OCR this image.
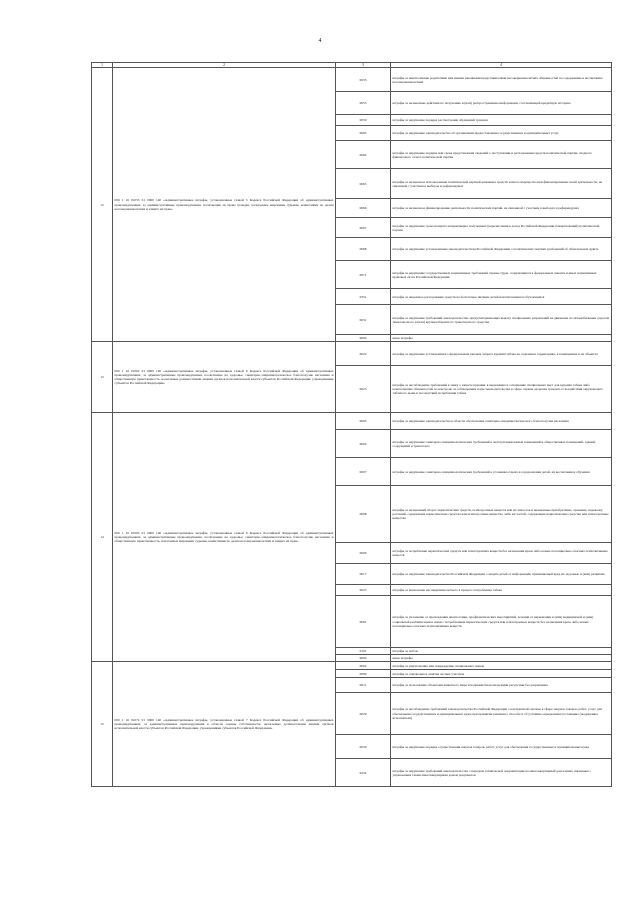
4
1	2	3	4
12	000 1 16 01053 01 0000 140 «Административные штрафы, установленные главой 5 Кодекса Российской Федерации об административных правонарушениях, за административные правонарушения, посягающие на права граждан, налагаемые мировыми судьями, комиссиями по делам несовершеннолетних и защите их прав»	0035	штрафы за неисполнение родителями или иными законными представителями несовершеннолетних обязанностей по содержанию и воспитанию несовершеннолетних
		0053	штрафы за незаконные действия по получению и (или) распространению информации, составляющей кредитную историю
		0059	штрафы за нарушение порядка рассмотрения обращений граждан
		0063	штрафы за нарушение законодательства об организации предоставления государственных и муниципальных услуг
		0064	штрафы за нарушение порядка или срока представления сведений о поступлении и расходовании средств политической партии, сводного финансового отчета политической партии
		0065	штрафы за незаконное использование политической партией денежных средств и иного имущества при финансировании своей деятельности, не связанной с участием в выборах и референдумах
		0066	штрафы за незаконное финансирование деятельности политических партий, не связанной с участием в выборах и референдумах
		0067	штрафы за нарушение срока возврата неправомерно полученных (перечисления в доход Российской Федерации пожертвований) политической партии
		0068	штрафы за нарушение установленных законодательством Российской Федерации о политических партиях требований об обязательном аудите
		0071	штрафы за нарушение государственных нормативных требований охраны труда, содержащихся в федеральных законах и иных нормативных правовых актах Российской Федерации
		0351	штрафы за нецелевое расходование средств на бесплатное питание детей или питающихся обучающихся
		0631	штрафы за нарушение требований законодательства, предусматривающих выдачу специальных разрешений на движение по автомобильным дорогам тяжеловесного и (или) крупногабаритного транспортного средства
		9000	иные штрафы
13	000 1 16 01062 01 0000 140 «Административные штрафы, установленные главой 6 Кодекса Российской Федерации об административных правонарушениях, за административные правонарушения, посягающие на здоровье, санитарно-эпидемиологическое благополучие населения и общественную нравственность, налагаемые должностными лицами органов исполнительной власти субъектов Российской Федерации, учреждениями субъектов Российской Федерации»	0024	штрафы за нарушение установленного федеральным законом запрета курения табака на отдельных территориях, в помещениях и на объектах
		0025	штрафы за несоблюдение требований к знаку о запрете курения, к выделению и оснащению специальных мест для курения табака либо неисполнение обязанностей по контролю за соблюдением норм законодательства в сфере охраны здоровья граждан от воздействия окружающего табачного дыма и последствий потребления табака
14	000 1 16 01063 01 0000 140 «Административные штрафы, установленные главой 6 Кодекса Российской Федерации об административных правонарушениях, за административные правонарушения, посягающие на здоровье, санитарно-эпидемиологическое благополучие населения и общественную нравственность, налагаемые мировыми судьями, комиссиями по делам несовершеннолетних и защите их прав»	0003	штрафы за нарушение законодательства в области обеспечения санитарно-эпидемиологического благополучия населения
		0004	штрафы за нарушение санитарно-эпидемиологических требований к эксплуатации жилых помещений и общественных помещений, зданий, сооружений и транспорта
		0007	штрафы за нарушение санитарно-эпидемиологических требований к условиям отдыха и оздоровления детей, их воспитания и обучения
		0008	штрафы за незаконный оборот наркотических средств, психотропных веществ или их аналогов и незаконные приобретение, хранение, перевозку растений, содержащих наркотические средства или психотропные вещества, либо их частей, содержащих наркотические средства или психотропные вещества
		0009	штрафы за потребление наркотических средств или психотропных веществ без назначения врача либо новых потенциально опасных психоактивных веществ
		0017	штрафы за нарушение законодательства Российской Федерации о защите детей от информации, причиняющей вред их здоровью и (или) развитию
		0023	штрафы за вовлечение несовершеннолетнего в процесс потребления табака
		0091	штрафы за уклонение от прохождения диагностики, профилактических мероприятий, лечения от наркомании и (или) медицинской и (или) социальной реабилитации в связи с потреблением наркотических средств или психотропных веществ без назначения врача либо новых потенциально опасных психоактивных веществ
		0101	штрафы за побои
		9000	иные штрафы
15	000 1 16 01072 01 0000 140 «Административные штрафы, установленные главой 7 Кодекса Российской Федерации об административных правонарушениях, за административные правонарушения в области охраны собственности, налагаемые должностными лицами органов исполнительной власти субъектов Российской Федерации, учреждениями субъектов Российской Федерации»	0002	штрафы за уничтожение или повреждение специальных знаков
		0009	штрафы за самовольное занятие лесных участков
		0011	штрафы за пользование объектами животного мира и водными биологическими ресурсами без разрешения
		0029	штрафы за несоблюдение требований законодательства Российской Федерации о контрактной системе в сфере закупок товаров, работ, услуг для обеспечения государственных и муниципальных нужд при принятии решения о способе и об условиях определения поставщика (подрядчика, исполнителя)
		0030	штрафы за нарушение порядка осуществления закупок товаров, работ, услуг для обеспечения государственных и муниципальных нужд
		0232	штрафы за нарушение требований законодательства о передаче технической документации на многоквартирный дом и иных связанных с управлением таким многоквартирным домом документов
